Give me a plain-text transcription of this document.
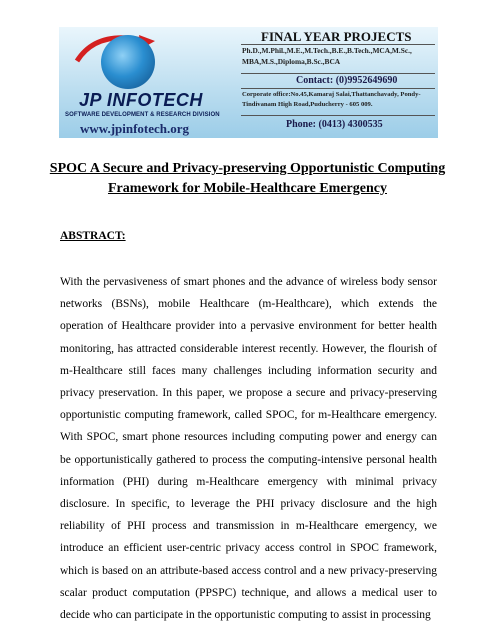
JP INFOTECH
SOFTWARE DEVELOPMENT & RESEARCH DIVISION
www.jpinfotech.org
FINAL YEAR PROJECTS
Ph.D.,M.Phil.,M.E.,M.Tech.,B.E.,B.Tech.,MCA,M.Sc., MBA,M.S.,Diploma,B.Sc.,BCA
Contact: (0)9952649690
Corporate office:No.45,Kamaraj Salai,Thattanchavady, Pondy-Tindivanam High Road,Puducherry - 605 009.
Phone: (0413) 4300535
SPOC A Secure and Privacy-preserving Opportunistic Computing Framework for Mobile-Healthcare Emergency
ABSTRACT:

With the pervasiveness of smart phones and the advance of wireless body sensor networks (BSNs), mobile Healthcare (m-Healthcare), which extends the operation of Healthcare provider into a pervasive environment for better health monitoring, has attracted considerable interest recently. However, the flourish of m-Healthcare still faces many challenges including information security and privacy preservation. In this paper, we propose a secure and privacy-preserving opportunistic computing framework, called SPOC, for m-Healthcare emergency. With SPOC, smart phone resources including computing power and energy can be opportunistically gathered to process the computing-intensive personal health information (PHI) during m-Healthcare emergency with minimal privacy disclosure. In specific, to leverage the PHI privacy disclosure and the high reliability of PHI process and transmission in m-Healthcare emergency, we introduce an efficient user-centric privacy access control in SPOC framework, which is based on an attribute-based access control and a new privacy-preserving scalar product computation (PPSPC) technique, and allows a medical user to decide who can participate in the opportunistic computing to assist in processing
